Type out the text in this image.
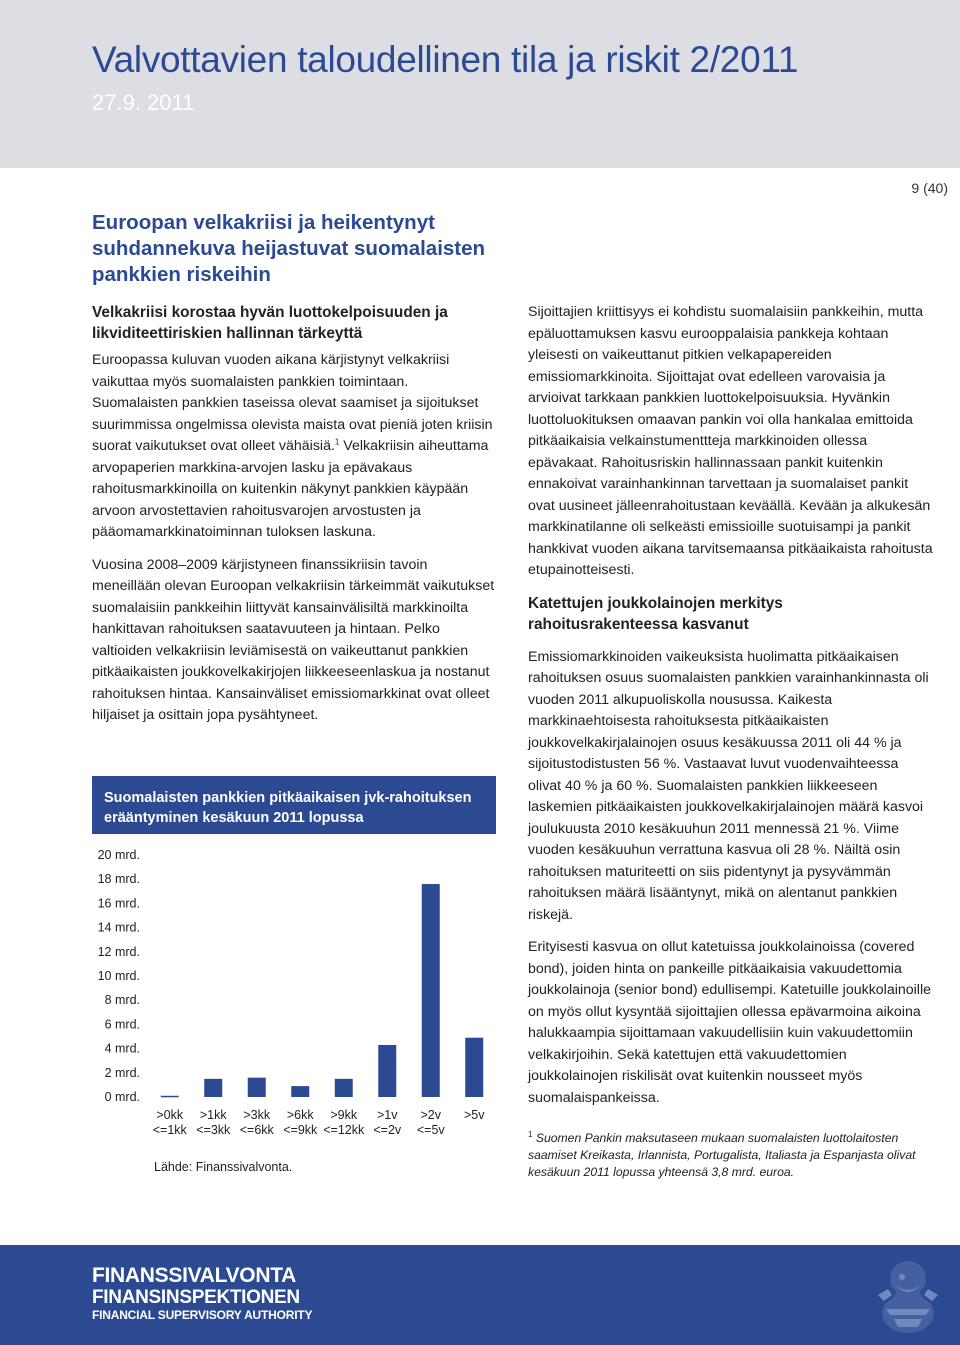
Valvottavien taloudellinen tila ja riskit 2/2011
27.9. 2011
9 (40)
Euroopan velkakriisi ja heikentynyt suhdannekuva heijastuvat suomalaisten pankkien riskeihin
Velkakriisi korostaa hyvän luottokelpoisuuden ja likviditeettiriskien hallinnan tärkeyttä

Euroopassa kuluvan vuoden aikana kärjistynyt velkakriisi vaikuttaa myös suomalaisten pankkien toimintaan. Suomalaisten pankkien taseissa olevat saamiset ja sijoitukset suurimmissa ongelmissa olevista maista ovat pieniä joten kriisin suorat vaikutukset ovat olleet vähäisiä.$^1$ Velkakriisin aiheuttama arvopaperien markkina-arvojen lasku ja epävakaus rahoitusmarkkinoilla on kuitenkin näkynyt pankkien käypään arvoon arvostettavien rahoitusvarojen arvostusten ja pääomamarkkinatoiminnan tuloksen laskuna.

Vuosina 2008–2009 kärjistyneen finanssikriisin tavoin meneillään olevan Euroopan velkakriisin tärkeimmät vaikutukset suomalaisiin pankkeihin liittyvät kansainvälisiltä markkinoilta hankittavan rahoituksen saatavuuteen ja hintaan. Pelko valtioiden velkakriisin leviämisestä on vaikeuttanut pankkien pitkäaikaisten joukkovelkakirjojen liikkeeseenlaskua ja nostanut rahoituksen hintaa. Kansainväliset emissiomarkkinat ovat olleet hiljaiset ja osittain jopa pysähtyneet.

Suomalaisten pankkien pitkäaikaisen jvk-rahoituksen erääntyminen kesäkuun 2011 lopussa
0 mrd.
2 mrd.
4 mrd.
6 mrd.
8 mrd.
10 mrd.
12 mrd.
14 mrd.
16 mrd.
18 mrd.
20 mrd.
>0kk
<=1kk
>1kk
<=3kk
>3kk
<=6kk
>6kk
<=9kk
>9kk
<=12kk
>1v
<=2v
>2v
<=5v
>5v
Lähde: Finanssivalvonta.

Sijoittajien kriittisyys ei kohdistu suomalaisiin pankkeihin, mutta epäluottamuksen kasvu eurooppalaisia pankkeja kohtaan yleisesti on vaikeuttanut pitkien velkapapereiden emissiomarkkinoita. Sijoittajat ovat edelleen varovaisia ja arvioivat tarkkaan pankkien luottokelpoisuuksia. Hyvänkin luottoluokituksen omaavan pankin voi olla hankalaa emittoida pitkäaikaisia velkainstumenttteja markkinoiden ollessa epävakaat. Rahoitusriskin hallinnassaan pankit kuitenkin ennakoivat varainhankinnan tarvettaan ja suomalaiset pankit ovat uusineet jälleenrahoitustaan keväällä. Kevään ja alkukesän markkinatilanne oli selkeästi emissioille suotuisampi ja pankit hankkivat vuoden aikana tarvitsemaansa pitkäaikaista rahoitusta etupainotteisesti.

Katettujen joukkolainojen merkitys rahoitusrakenteessa kasvanut

Emissiomarkkinoiden vaikeuksista huolimatta pitkäaikaisen rahoituksen osuus suomalaisten pankkien varainhankinnasta oli vuoden 2011 alkupuoliskolla nousussa. Kaikesta markkinaehtoisesta rahoituksesta pitkäaikaisten joukkovelkakirjalainojen osuus kesäkuussa 2011 oli 44 % ja sijoitustodistusten 56 %. Vastaavat luvut vuodenvaihteessa olivat 40 % ja 60 %. Suomalaisten pankkien liikkeeseen laskemien pitkäaikaisten joukkovelkakirjalainojen määrä kasvoi joulukuusta 2010 kesäkuuhun 2011 mennessä 21 %. Viime vuoden kesäkuuhun verrattuna kasvua oli 28 %. Näiltä osin rahoituksen maturiteetti on siis pidentynyt ja pysyvämmän rahoituksen määrä lisääntynyt, mikä on alentanut pankkien riskejä.

Erityisesti kasvua on ollut katetuissa joukkolainoissa (covered bond), joiden hinta on pankeille pitkäaikaisia vakuudettomia joukkolainoja (senior bond) edullisempi. Katetuille joukkolainoille on myös ollut kysyntää sijoittajien ollessa epävarmoina aikoina halukkaampia sijoittamaan vakuudellisiin kuin vakuudettomiin velkakirjoihin. Sekä katettujen että vakuudettomien joukkolainojen riskilisät ovat kuitenkin nousseet myös suomalaispankeissa.

$^1$ Suomen Pankin maksutaseen mukaan suomalaisten luottolaitosten saamiset Kreikasta, Irlannista, Portugalista, Italiasta ja Espanjasta olivat kesäkuun 2011 lopussa yhteensä 3,8 mrd. euroa.
FINANSSIVALVONTA
FINANSINSPEKTIONEN
FINANCIAL SUPERVISORY AUTHORITY
